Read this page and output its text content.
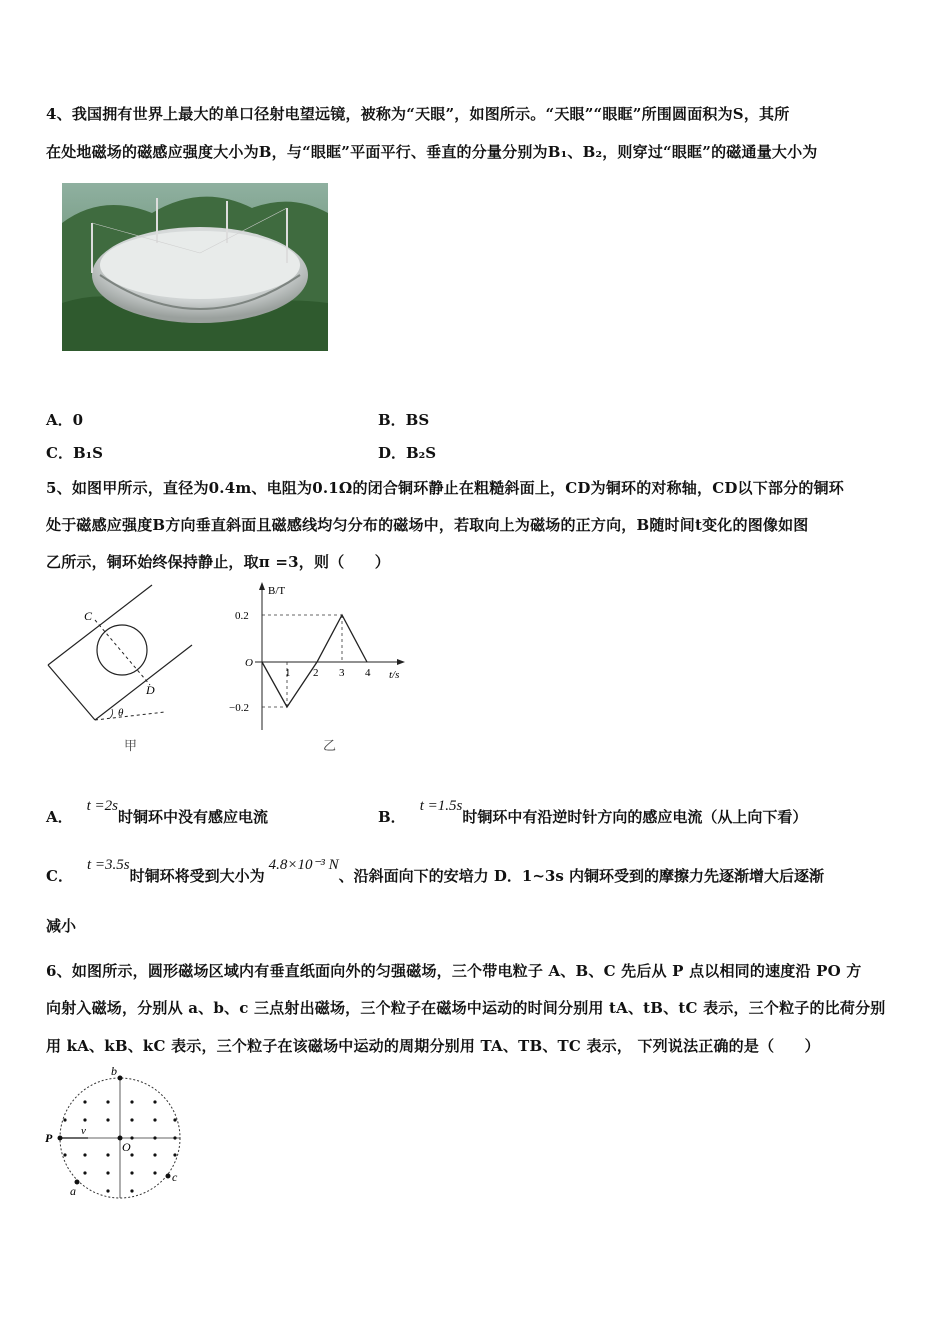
4、我国拥有世界上最大的单口径射电望远镜，被称为“天眼”，如图所示。“天眼”“眼眶”所围圆面积为S，其所
在处地磁场的磁感应强度大小为B，与“眼眶”平面平行、垂直的分量分别为B₁、B₂，则穿过“眼眶”的磁通量大小为
A．0	B．BS
C．B₁S	D．B₂S
5、如图甲所示，直径为0.4m、电阻为0.1Ω的闭合铜环静止在粗糙斜面上，CD为铜环的对称轴，CD以下部分的铜环
处于磁感应强度B方向垂直斜面且磁感线均匀分布的磁场中，若取向上为磁场的正方向，B随时间t变化的图像如图
乙所示，铜环始终保持静止，取π =3，则（　　）
C
D
θ
甲
B/T
t/s
O
0.2
−0.2
1 2 3 4
乙
A．t =2s时铜环中没有感应电流	B．t =1.5s时铜环中有沿逆时针方向的感应电流（从上向下看）
C．t =3.5s时铜环将受到大小为4.8×10⁻³ N、沿斜面向下的安培力 D．1~3s 内铜环受到的摩擦力先逐渐增大后逐渐
减小
6、如图所示，圆形磁场区域内有垂直纸面向外的匀强磁场，三个带电粒子 A、B、C 先后从 P 点以相同的速度沿 PO 方
向射入磁场，分别从 a、b、c 三点射出磁场，三个粒子在磁场中运动的时间分别用 tA、tB、tC 表示，三个粒子的比荷分别
用 kA、kB、kC 表示，三个粒子在该磁场中运动的周期分别用 TA、TB、TC 表示， 下列说法正确的是（　　）
b
P	v
O
a
c
